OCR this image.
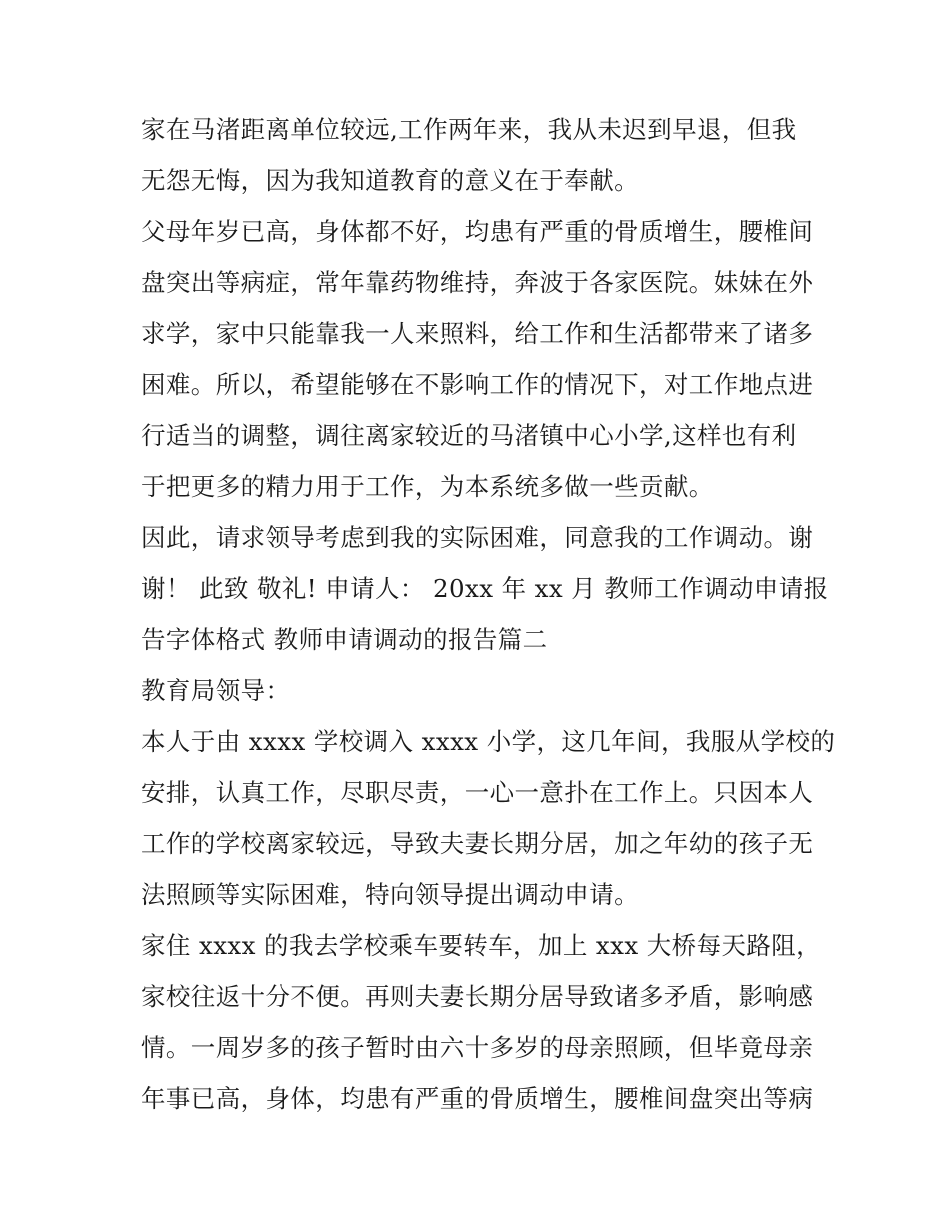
家在马渚距离单位较远,工作两年来，我从未迟到早退，但我
无怨无悔，因为我知道教育的意义在于奉献。
父母年岁已高，身体都不好，均患有严重的骨质增生，腰椎间
盘突出等病症，常年靠药物维持，奔波于各家医院。妹妹在外
求学，家中只能靠我一人来照料，给工作和生活都带来了诸多
困难。所以，希望能够在不影响工作的情况下，对工作地点进
行适当的调整，调往离家较近的马渚镇中心小学,这样也有利
于把更多的精力用于工作，为本系统多做一些贡献。
因此，请求领导考虑到我的实际困难，同意我的工作调动。谢
谢！ 此致 敬礼! 申请人： 20xx 年 xx 月 教师工作调动申请报
告字体格式 教师申请调动的报告篇二
教育局领导：
本人于由 xxxx 学校调入 xxxx 小学，这几年间，我服从学校的
安排，认真工作，尽职尽责，一心一意扑在工作上。只因本人
工作的学校离家较远，导致夫妻长期分居，加之年幼的孩子无
法照顾等实际困难，特向领导提出调动申请。
家住 xxxx 的我去学校乘车要转车，加上 xxx 大桥每天路阻，
家校往返十分不便。再则夫妻长期分居导致诸多矛盾，影响感
情。一周岁多的孩子暂时由六十多岁的母亲照顾，但毕竟母亲
年事已高，身体，均患有严重的骨质增生，腰椎间盘突出等病
